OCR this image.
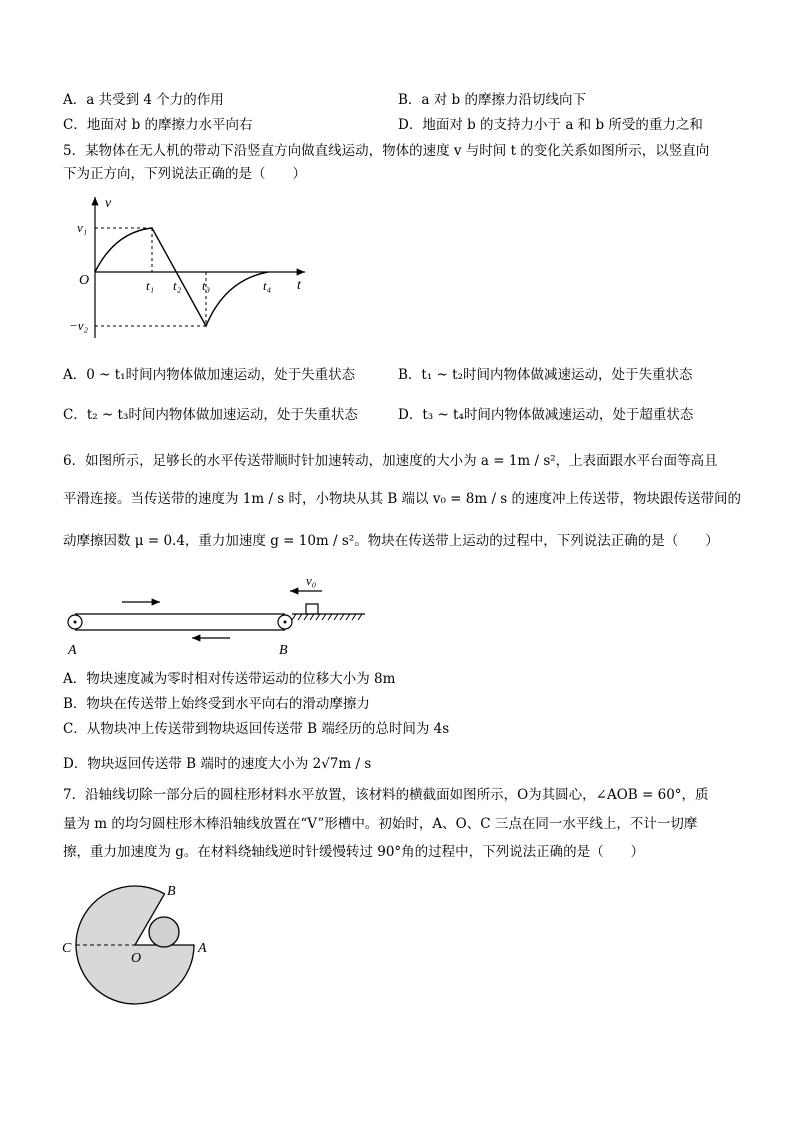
A．a 共受到 4 个力的作用	B．a 对 b 的摩擦力沿切线向下
C．地面对 b 的摩擦力水平向右	D．地面对 b 的支持力小于 a 和 b 所受的重力之和
5．某物体在无人机的带动下沿竖直方向做直线运动，物体的速度 v 与时间 t 的变化关系如图所示，以竖直向
下为正方向，下列说法正确的是（　　）
v
t
O
v₁
−v₂
t₁ t₂ t₃	t₄
A．0 ~ t₁时间内物体做加速运动，处于失重状态	B．t₁ ~ t₂时间内物体做减速运动，处于失重状态
C．t₂ ~ t₃时间内物体做加速运动，处于失重状态	D．t₃ ~ t₄时间内物体做减速运动，处于超重状态
6．如图所示，足够长的水平传送带顺时针加速转动，加速度的大小为 a = 1m / s²，上表面跟水平台面等高且
平滑连接。当传送带的速度为 1m / s 时，小物块从其 B 端以 v₀ = 8m / s 的速度冲上传送带，物块跟传送带间的
动摩擦因数 μ = 0.4，重力加速度 g = 10m / s²。物块在传送带上运动的过程中，下列说法正确的是（　　）
v₀
A	B
A．物块速度减为零时相对传送带运动的位移大小为 8m
B．物块在传送带上始终受到水平向右的滑动摩擦力
C．从物块冲上传送带到物块返回传送带 B 端经历的总时间为 4s
D．物块返回传送带 B 端时的速度大小为 2√7m / s
7．沿轴线切除一部分后的圆柱形材料水平放置，该材料的横截面如图所示，O为其圆心，∠AOB = 60°，质
量为 m 的均匀圆柱形木棒沿轴线放置在“V”形槽中。初始时，A、O、C 三点在同一水平线上，不计一切摩
擦，重力加速度为 g。在材料绕轴线逆时针缓慢转过 90°角的过程中，下列说法正确的是（　　）
B
C
O
A
